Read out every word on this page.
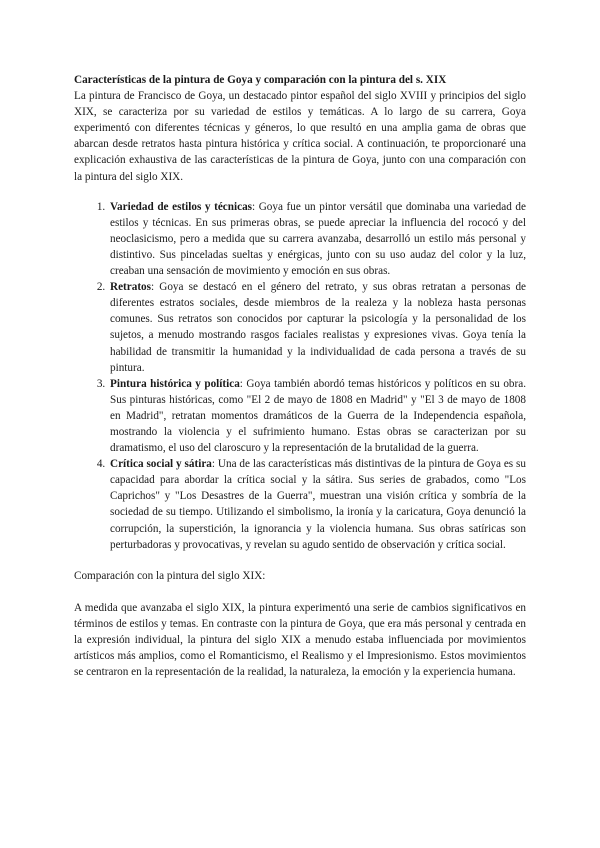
Características de la pintura de Goya y comparación con la pintura del s. XIX

La pintura de Francisco de Goya, un destacado pintor español del siglo XVIII y principios del siglo XIX, se caracteriza por su variedad de estilos y temáticas. A lo largo de su carrera, Goya experimentó con diferentes técnicas y géneros, lo que resultó en una amplia gama de obras que abarcan desde retratos hasta pintura histórica y crítica social. A continuación, te proporcionaré una explicación exhaustiva de las características de la pintura de Goya, junto con una comparación con la pintura del siglo XIX.

1. Variedad de estilos y técnicas: Goya fue un pintor versátil que dominaba una variedad de estilos y técnicas. En sus primeras obras, se puede apreciar la influencia del rococó y del neoclasicismo, pero a medida que su carrera avanzaba, desarrolló un estilo más personal y distintivo. Sus pinceladas sueltas y enérgicas, junto con su uso audaz del color y la luz, creaban una sensación de movimiento y emoción en sus obras.
2. Retratos: Goya se destacó en el género del retrato, y sus obras retratan a personas de diferentes estratos sociales, desde miembros de la realeza y la nobleza hasta personas comunes. Sus retratos son conocidos por capturar la psicología y la personalidad de los sujetos, a menudo mostrando rasgos faciales realistas y expresiones vivas. Goya tenía la habilidad de transmitir la humanidad y la individualidad de cada persona a través de su pintura.
3. Pintura histórica y política: Goya también abordó temas históricos y políticos en su obra. Sus pinturas históricas, como "El 2 de mayo de 1808 en Madrid" y "El 3 de mayo de 1808 en Madrid", retratan momentos dramáticos de la Guerra de la Independencia española, mostrando la violencia y el sufrimiento humano. Estas obras se caracterizan por su dramatismo, el uso del claroscuro y la representación de la brutalidad de la guerra.
4. Crítica social y sátira: Una de las características más distintivas de la pintura de Goya es su capacidad para abordar la crítica social y la sátira. Sus series de grabados, como "Los Caprichos" y "Los Desastres de la Guerra", muestran una visión crítica y sombría de la sociedad de su tiempo. Utilizando el simbolismo, la ironía y la caricatura, Goya denunció la corrupción, la superstición, la ignorancia y la violencia humana. Sus obras satíricas son perturbadoras y provocativas, y revelan su agudo sentido de observación y crítica social.

Comparación con la pintura del siglo XIX:

A medida que avanzaba el siglo XIX, la pintura experimentó una serie de cambios significativos en términos de estilos y temas. En contraste con la pintura de Goya, que era más personal y centrada en la expresión individual, la pintura del siglo XIX a menudo estaba influenciada por movimientos artísticos más amplios, como el Romanticismo, el Realismo y el Impresionismo. Estos movimientos se centraron en la representación de la realidad, la naturaleza, la emoción y la experiencia humana.
